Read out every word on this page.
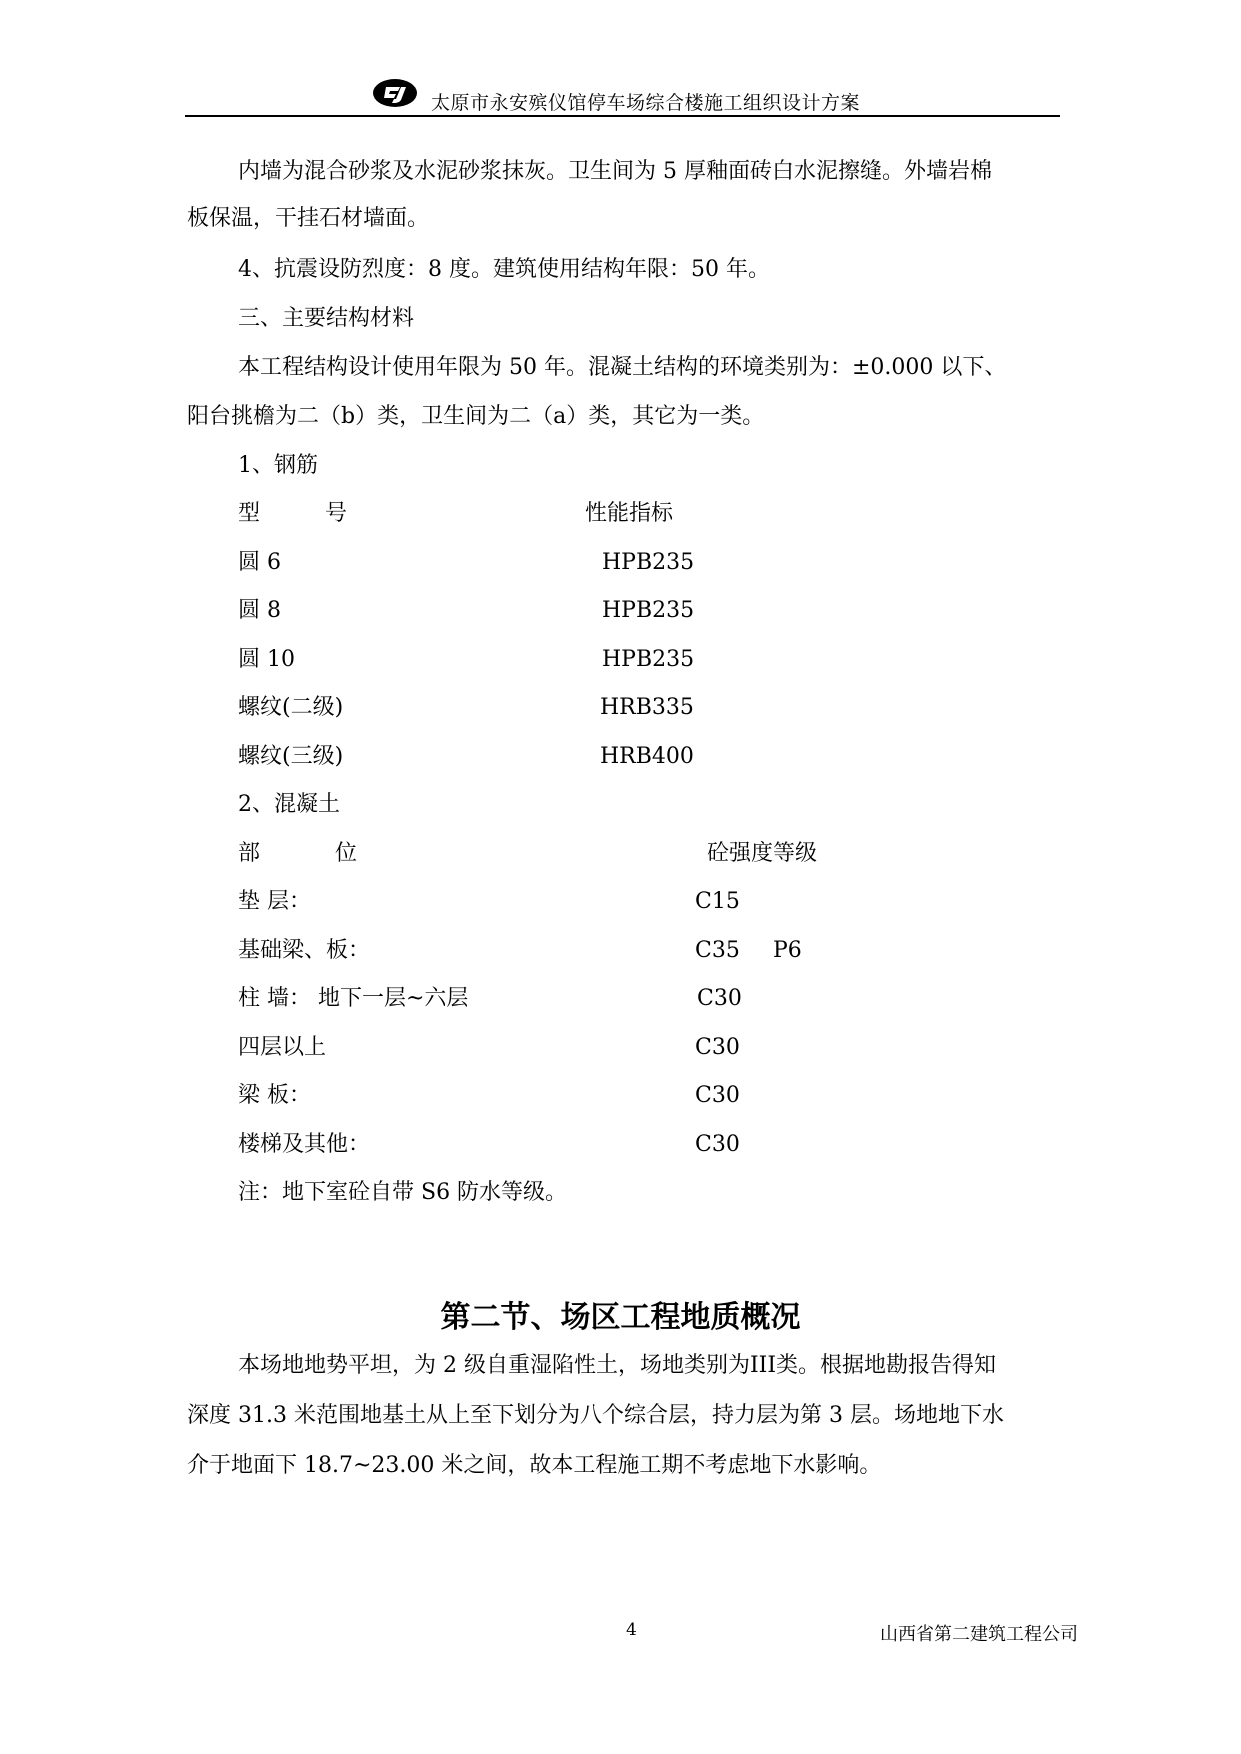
太原市永安殡仪馆停车场综合楼施工组织设计方案
内墙为混合砂浆及水泥砂浆抹灰。卫生间为 5 厚釉面砖白水泥擦缝。外墙岩棉
板保温，干挂石材墙面。
4、抗震设防烈度：8 度。建筑使用结构年限：50 年。
三、主要结构材料
本工程结构设计使用年限为 50 年。混凝土结构的环境类别为：±0.000 以下、
阳台挑檐为二（b）类，卫生间为二（a）类，其它为一类。
1、钢筋
型	号	性能指标
圆 6	HPB235
圆 8	HPB235
圆 10	HPB235
螺纹(二级)	HRB335
螺纹(三级)	HRB400
2、混凝土
部	位	砼强度等级
垫 层：	C15
基础梁、板：	C35 P6
柱 墙： 地下一层~六层	C30
四层以上	C30
梁 板：	C30
楼梯及其他：	C30
注：地下室砼自带 S6 防水等级。
第二节、场区工程地质概况
本场地地势平坦，为 2 级自重湿陷性土，场地类别为III类。根据地勘报告得知
深度 31.3 米范围地基土从上至下划分为八个综合层，持力层为第 3 层。场地地下水
介于地面下 18.7~23.00 米之间，故本工程施工期不考虑地下水影响。
4	山西省第二建筑工程公司
